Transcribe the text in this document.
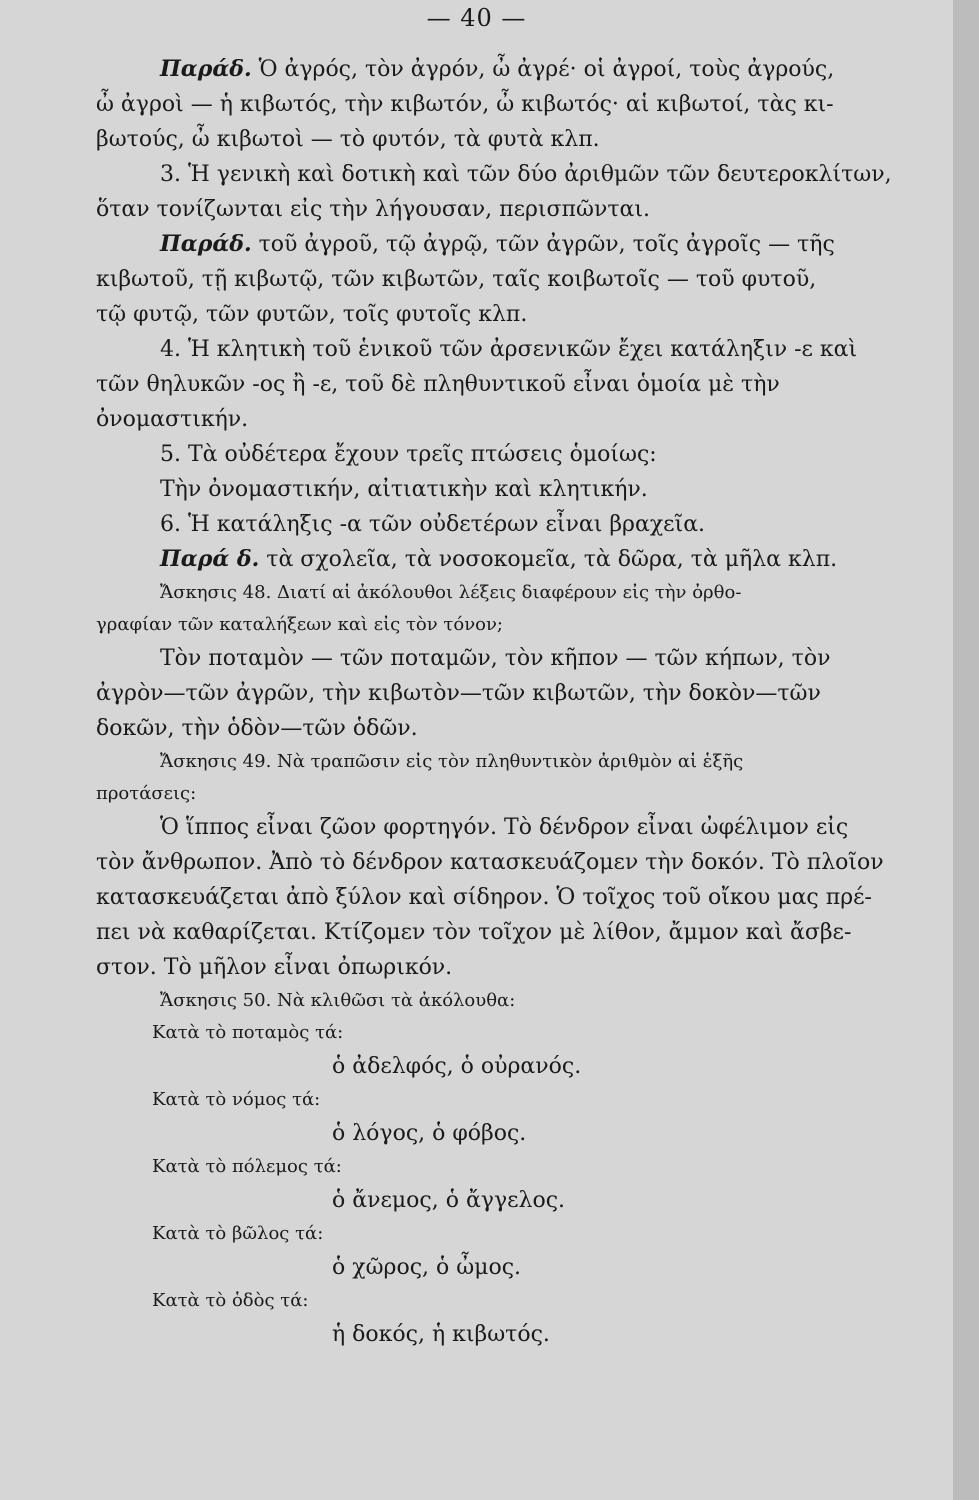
— 40 —
Παράδ. Ὁ ἀγρός, τὸν ἀγρόν, ὦ ἀγρέ· οἱ ἀγροί, τοὺς ἀγρούς,
ὦ ἀγροὶ — ἡ κιβωτός, τὴν κιβωτόν, ὦ κιβωτός· αἱ κιβωτοί, τὰς κι-
βωτούς, ὦ κιβωτοὶ — τὸ φυτόν, τὰ φυτὰ κλπ.
3. Ἡ γενικὴ καὶ δοτικὴ καὶ τῶν δύο ἀριθμῶν τῶν δευτεροκλίτων,
ὅταν τονίζωνται εἰς τὴν λήγουσαν, περισπῶνται.
Παράδ. τοῦ ἀγροῦ, τῷ ἀγρῷ, τῶν ἀγρῶν, τοῖς ἀγροῖς — τῆς
κιβωτοῦ, τῇ κιβωτῷ, τῶν κιβωτῶν, ταῖς κοιβωτοῖς — τοῦ φυτοῦ,
τῷ φυτῷ, τῶν φυτῶν, τοῖς φυτοῖς κλπ.
4. Ἡ κλητικὴ τοῦ ἑνικοῦ τῶν ἀρσενικῶν ἔχει κατάληξιν -ε καὶ
τῶν θηλυκῶν -ος ἢ -ε, τοῦ δὲ πληθυντικοῦ εἶναι ὁμοία μὲ τὴν
ὀνομαστικήν.
5. Τὰ οὐδέτερα ἔχουν τρεῖς πτώσεις ὁμοίως:
Τὴν ὀνομαστικήν, αἰτιατικὴν καὶ κλητικήν.
6. Ἡ κατάληξις -α τῶν οὐδετέρων εἶναι βραχεῖα.
Παρά δ. τὰ σχολεῖα, τὰ νοσοκομεῖα, τὰ δῶρα, τὰ μῆλα κλπ.
Ἄσκησις 48. Διατί αἱ ἀκόλουθοι λέξεις διαφέρουν εἰς τὴν ὀρθο-
γραφίαν τῶν καταλήξεων καὶ εἰς τὸν τόνον;
Τὸν ποταμὸν — τῶν ποταμῶν, τὸν κῆπον — τῶν κήπων, τὸν
ἀγρὸν—τῶν ἀγρῶν, τὴν κιβωτὸν—τῶν κιβωτῶν, τὴν δοκὸν—τῶν
δοκῶν, τὴν ὁδὸν—τῶν ὁδῶν.
Ἄσκησις 49. Νὰ τραπῶσιν εἰς τὸν πληθυντικὸν ἀριθμὸν αἱ ἑξῆς
προτάσεις:
Ὁ ἵππος εἶναι ζῶον φορτηγόν. Τὸ δένδρον εἶναι ὠφέλιμον εἰς
τὸν ἄνθρωπον. Ἀπὸ τὸ δένδρον κατασκευάζομεν τὴν δοκόν. Τὸ πλοῖον
κατασκευάζεται ἀπὸ ξύλον καὶ σίδηρον. Ὁ τοῖχος τοῦ οἴκου μας πρέ-
πει νὰ καθαρίζεται. Κτίζομεν τὸν τοῖχον μὲ λίθον, ἄμμον καὶ ἄσβε-
στον. Τὸ μῆλον εἶναι ὀπωρικόν.
Ἄσκησις 50. Νὰ κλιθῶσι τὰ ἀκόλουθα:
Κατὰ τὸ ποταμὸς τά:
ὁ ἀδελφός, ὁ οὐρανός.
Κατὰ τὸ νόμος τά:
ὁ λόγος, ὁ φόβος.
Κατὰ τὸ πόλεμος τά:
ὁ ἄνεμος, ὁ ἄγγελος.
Κατὰ τὸ βῶλος τά:
ὁ χῶρος, ὁ ὦμος.
Κατὰ τὸ ὁδὸς τά:
ἡ δοκός, ἡ κιβωτός.
